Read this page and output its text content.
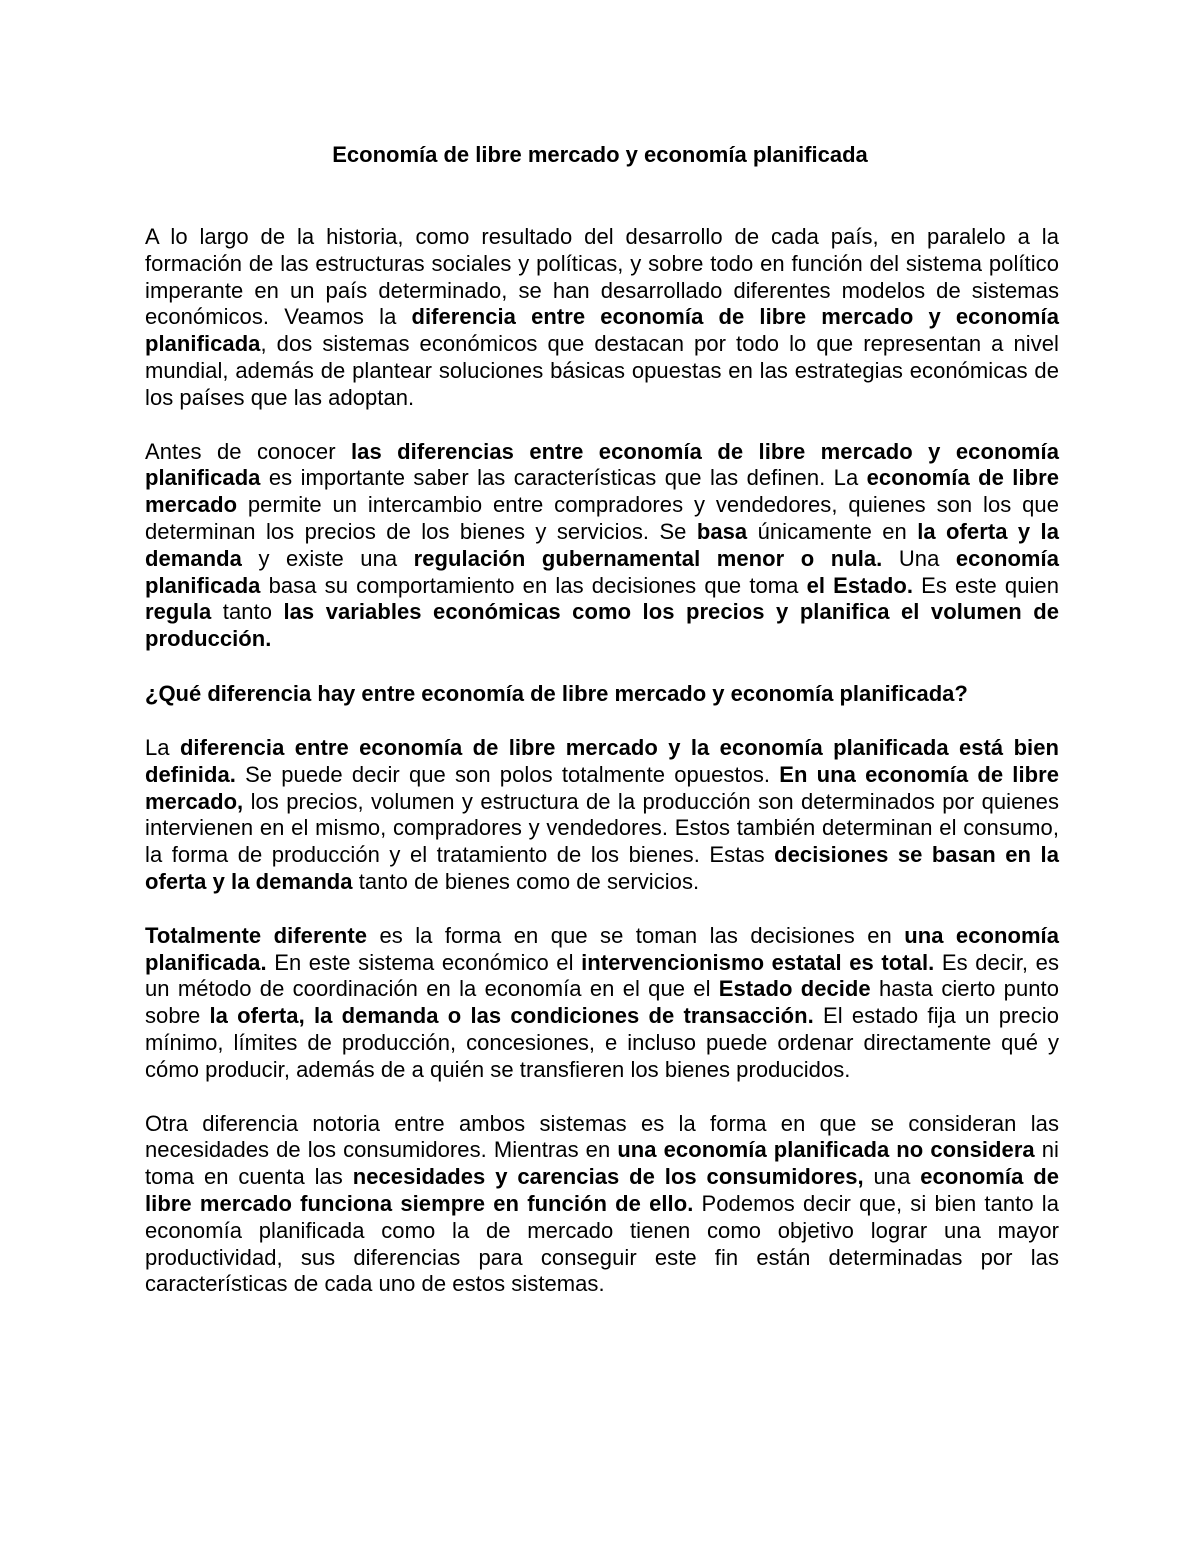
Economía de libre mercado y economía planificada

A lo largo de la historia, como resultado del desarrollo de cada país, en paralelo a la formación de las estructuras sociales y políticas, y sobre todo en función del sistema político imperante en un país determinado, se han desarrollado diferentes modelos de sistemas económicos. Veamos la diferencia entre economía de libre mercado y economía planificada, dos sistemas económicos que destacan por todo lo que representan a nivel mundial, además de plantear soluciones básicas opuestas en las estrategias económicas de los países que las adoptan.

Antes de conocer las diferencias entre economía de libre mercado y economía planificada es importante saber las características que las definen. La economía de libre mercado permite un intercambio entre compradores y vendedores, quienes son los que determinan los precios de los bienes y servicios. Se basa únicamente en la oferta y la demanda y existe una regulación gubernamental menor o nula. Una economía planificada basa su comportamiento en las decisiones que toma el Estado. Es este quien regula tanto las variables económicas como los precios y planifica el volumen de producción.

¿Qué diferencia hay entre economía de libre mercado y economía planificada?

La diferencia entre economía de libre mercado y la economía planificada está bien definida. Se puede decir que son polos totalmente opuestos. En una economía de libre mercado, los precios, volumen y estructura de la producción son determinados por quienes intervienen en el mismo, compradores y vendedores. Estos también determinan el consumo, la forma de producción y el tratamiento de los bienes. Estas decisiones se basan en la oferta y la demanda tanto de bienes como de servicios.

Totalmente diferente es la forma en que se toman las decisiones en una economía planificada. En este sistema económico el intervencionismo estatal es total. Es decir, es un método de coordinación en la economía en el que el Estado decide hasta cierto punto sobre la oferta, la demanda o las condiciones de transacción. El estado fija un precio mínimo, límites de producción, concesiones, e incluso puede ordenar directamente qué y cómo producir, además de a quién se transfieren los bienes producidos.

Otra diferencia notoria entre ambos sistemas es la forma en que se consideran las necesidades de los consumidores. Mientras en una economía planificada no considera ni toma en cuenta las necesidades y carencias de los consumidores, una economía de libre mercado funciona siempre en función de ello. Podemos decir que, si bien tanto la economía planificada como la de mercado tienen como objetivo lograr una mayor productividad, sus diferencias para conseguir este fin están determinadas por las características de cada uno de estos sistemas.
